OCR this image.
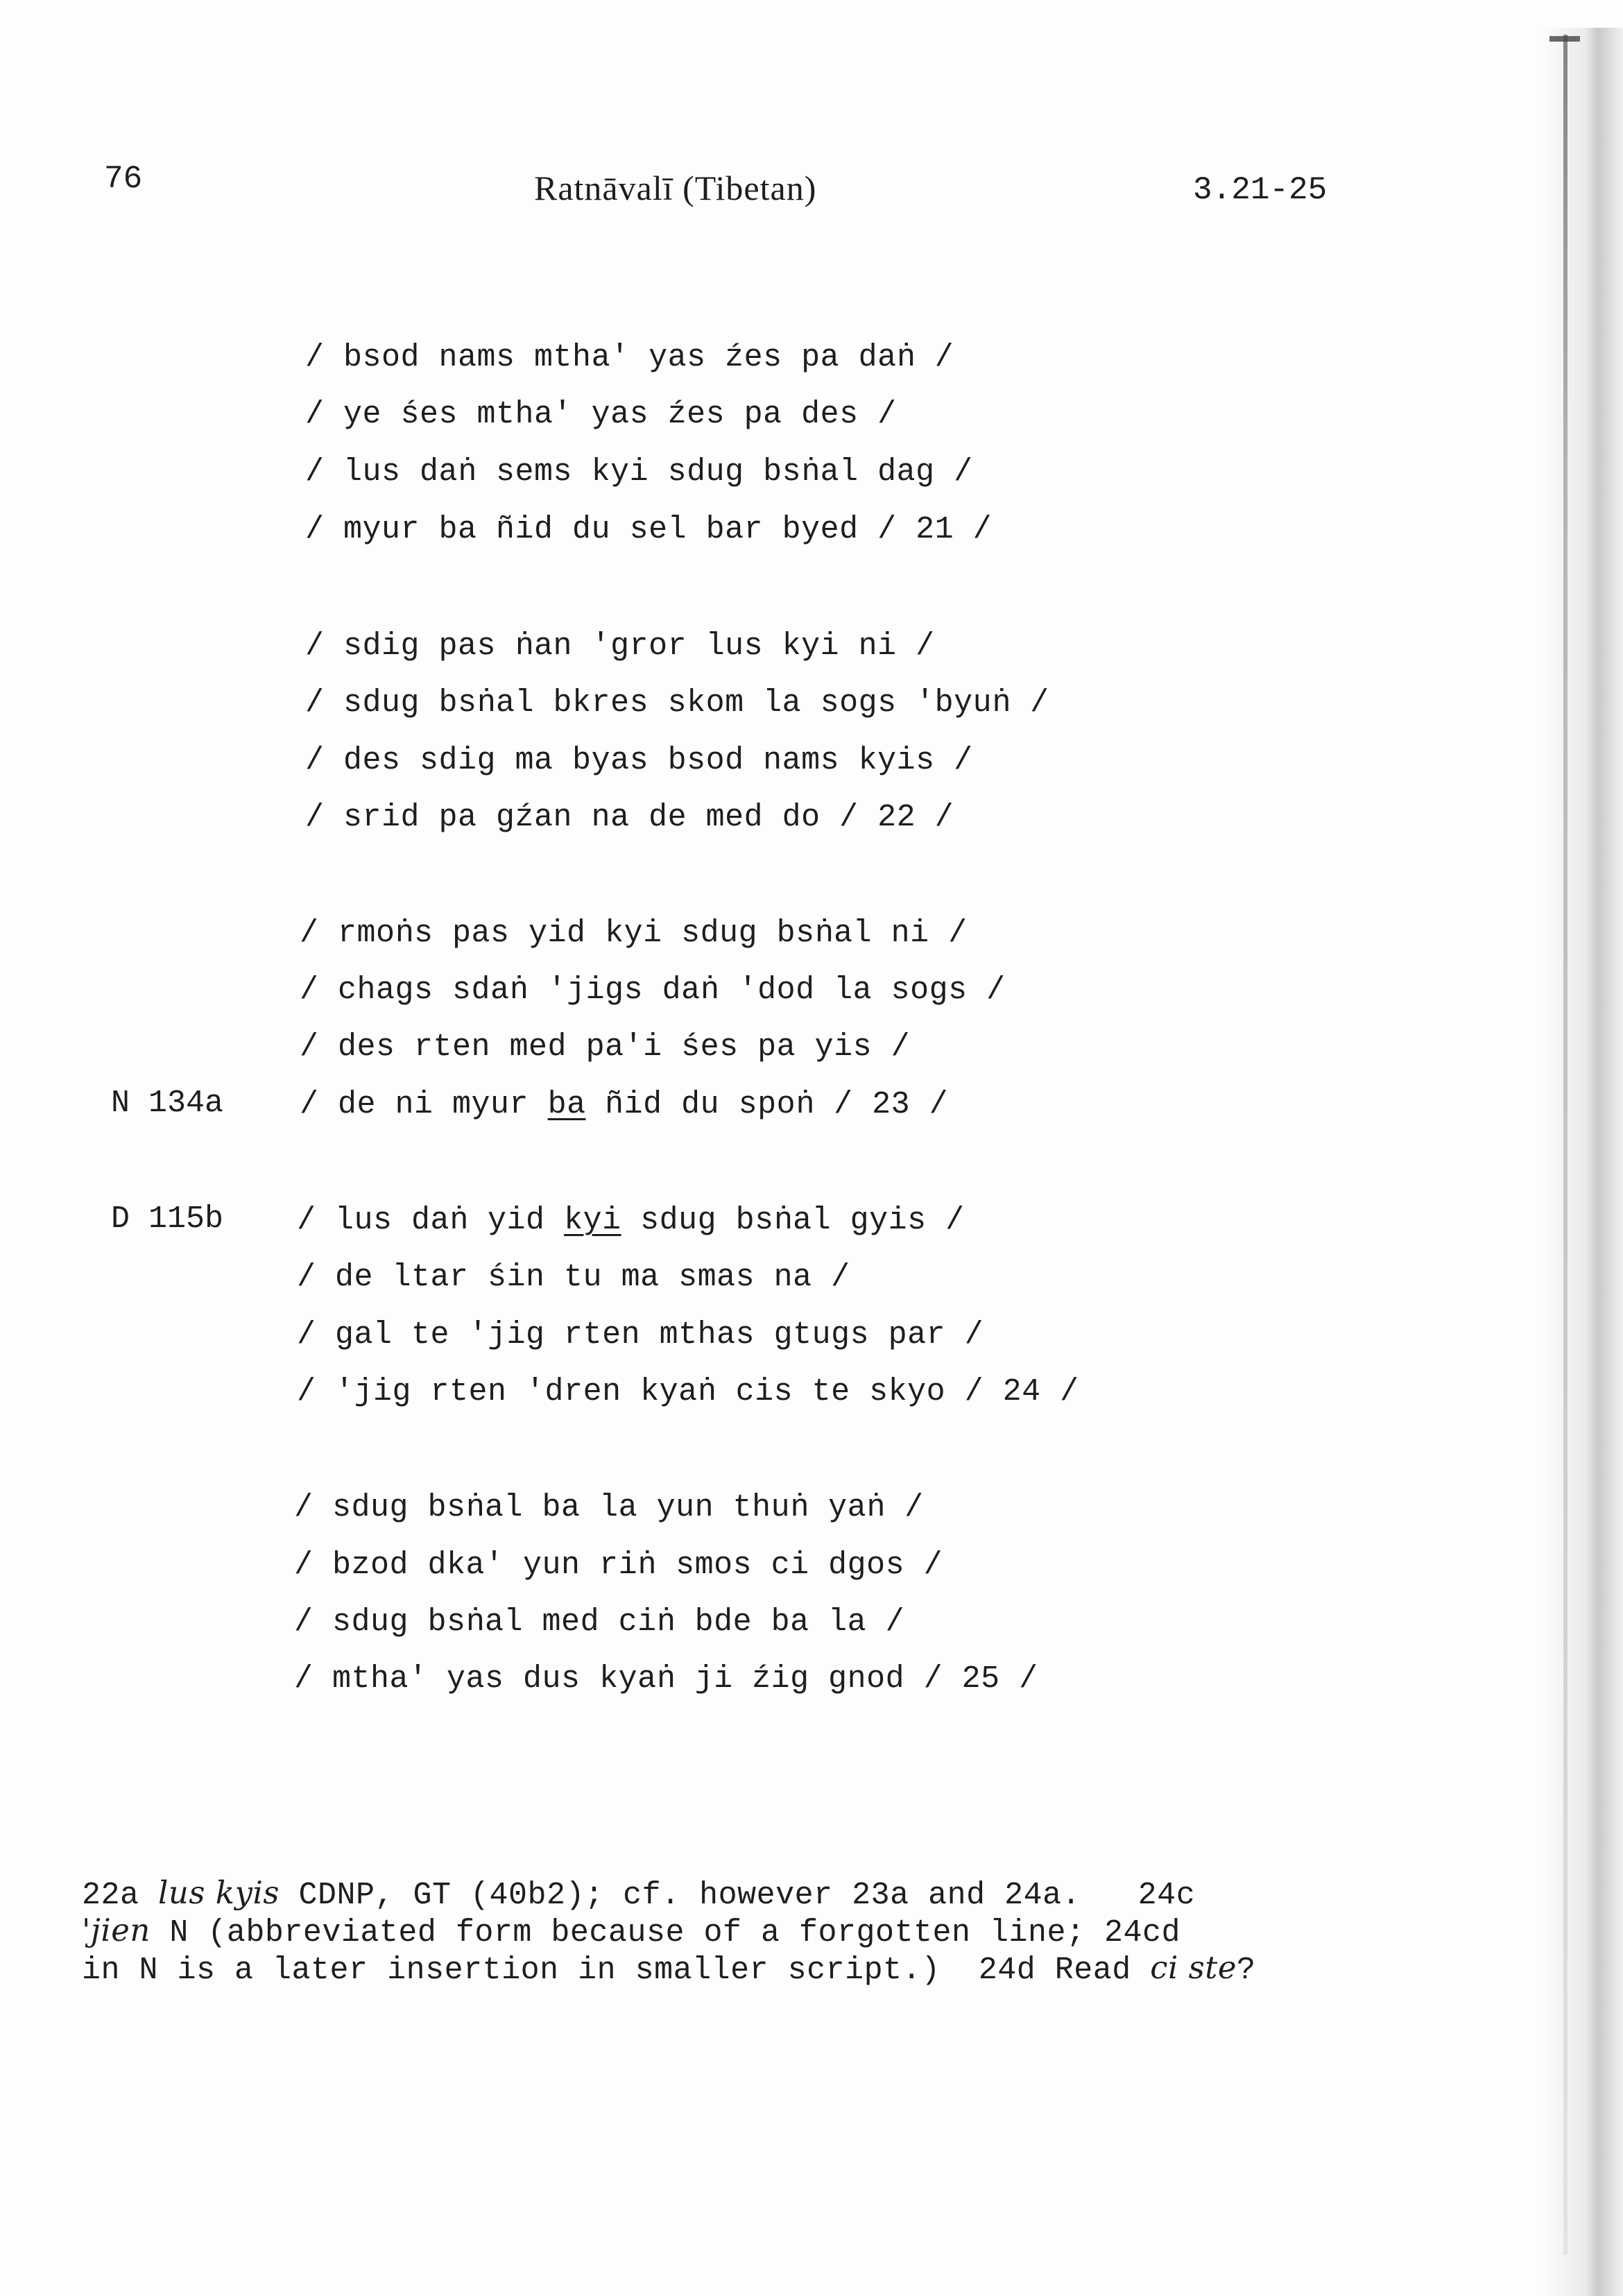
76	Ratnāvalī (Tibetan)	3.21-25
/ bsod nams mtha' yas źes pa daṅ /
/ ye śes mtha' yas źes pa des /
/ lus daṅ sems kyi sdug bsṅal dag /
/ myur ba ñid du sel bar byed / 21 /
/ sdig pas ṅan 'gror lus kyi ni /
/ sdug bsṅal bkres skom la sogs 'byuṅ /
/ des sdig ma byas bsod nams kyis /
/ srid pa gźan na de med do / 22 /
/ rmoṅs pas yid kyi sdug bsṅal ni /
/ chags sdaṅ 'jigs daṅ 'dod la sogs /
/ des rten med pa'i śes pa yis /
N 134a / de ni myur ba ñid du spoṅ / 23 /
D 115b / lus daṅ yid kyi sdug bsṅal gyis /
/ de ltar śin tu ma smas na /
/ gal te 'jig rten mthas gtugs par /
/ 'jig rten 'dren kyaṅ cis te skyo / 24 /
/ sdug bsṅal ba la yun thuṅ yaṅ /
/ bzod dka' yun riṅ smos ci dgos /
/ sdug bsṅal med ciṅ bde ba la /
/ mtha' yas dus kyaṅ ji źig gnod / 25 /
22a lus kyis CDNP, GT (40b2); cf. however 23a and 24a.   24c
'jien N (abbreviated form because of a forgotten line; 24cd
in N is a later insertion in smaller script.)  24d Read ci ste?
